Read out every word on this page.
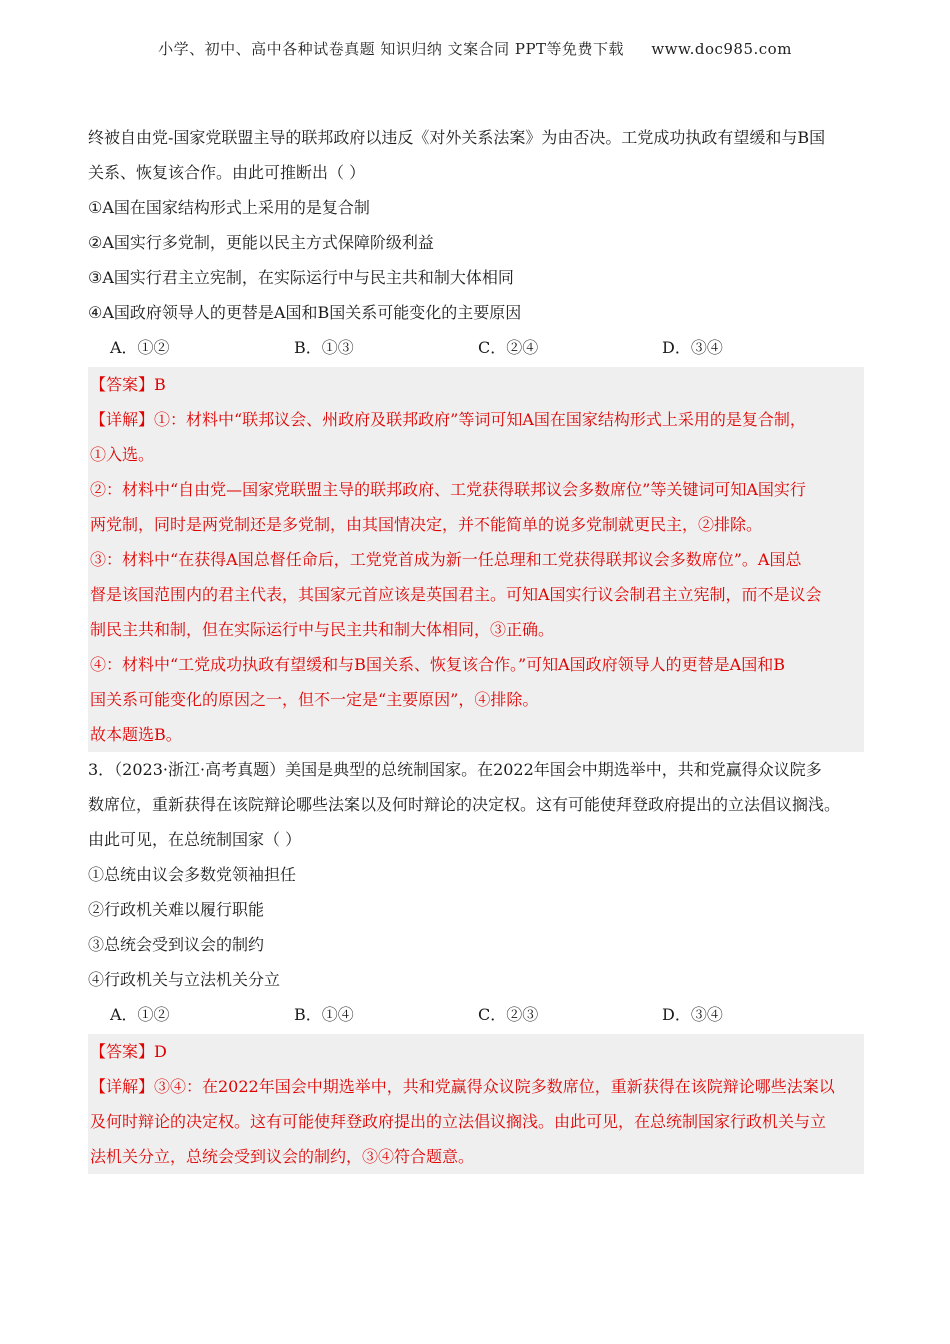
小学、初中、高中各种试卷真题 知识归纳 文案合同 PPT等免费下载 www.doc985.com
终被自由党-国家党联盟主导的联邦政府以违反《对外关系法案》为由否决。工党成功执政有望缓和与B国
关系、恢复该合作。由此可推断出（ ）
①A国在国家结构形式上采用的是复合制
②A国实行多党制，更能以民主方式保障阶级利益
③A国实行君主立宪制，在实际运行中与民主共和制大体相同
④A国政府领导人的更替是A国和B国关系可能变化的主要原因
A．①②	B．①③	C．②④	D．③④
【答案】B
【详解】①：材料中“联邦议会、州政府及联邦政府”等词可知A国在国家结构形式上采用的是复合制，
①入选。
②：材料中“自由党—国家党联盟主导的联邦政府、工党获得联邦议会多数席位”等关键词可知A国实行
两党制，同时是两党制还是多党制，由其国情决定，并不能简单的说多党制就更民主，②排除。
③：材料中“在获得A国总督任命后，工党党首成为新一任总理和工党获得联邦议会多数席位”。A国总
督是该国范围内的君主代表，其国家元首应该是英国君主。可知A国实行议会制君主立宪制，而不是议会
制民主共和制，但在实际运行中与民主共和制大体相同，③正确。
④：材料中“工党成功执政有望缓和与B国关系、恢复该合作。”可知A国政府领导人的更替是A国和B
国关系可能变化的原因之一，但不一定是“主要原因”，④排除。
故本题选B。
3．（2023·浙江·高考真题）美国是典型的总统制国家。在2022年国会中期选举中，共和党赢得众议院多
数席位，重新获得在该院辩论哪些法案以及何时辩论的决定权。这有可能使拜登政府提出的立法倡议搁浅。
由此可见，在总统制国家（ ）
①总统由议会多数党领袖担任
②行政机关难以履行职能
③总统会受到议会的制约
④行政机关与立法机关分立
A．①②	B．①④	C．②③	D．③④
【答案】D
【详解】③④：在2022年国会中期选举中，共和党赢得众议院多数席位，重新获得在该院辩论哪些法案以
及何时辩论的决定权。这有可能使拜登政府提出的立法倡议搁浅。由此可见，在总统制国家行政机关与立
法机关分立，总统会受到议会的制约，③④符合题意。
